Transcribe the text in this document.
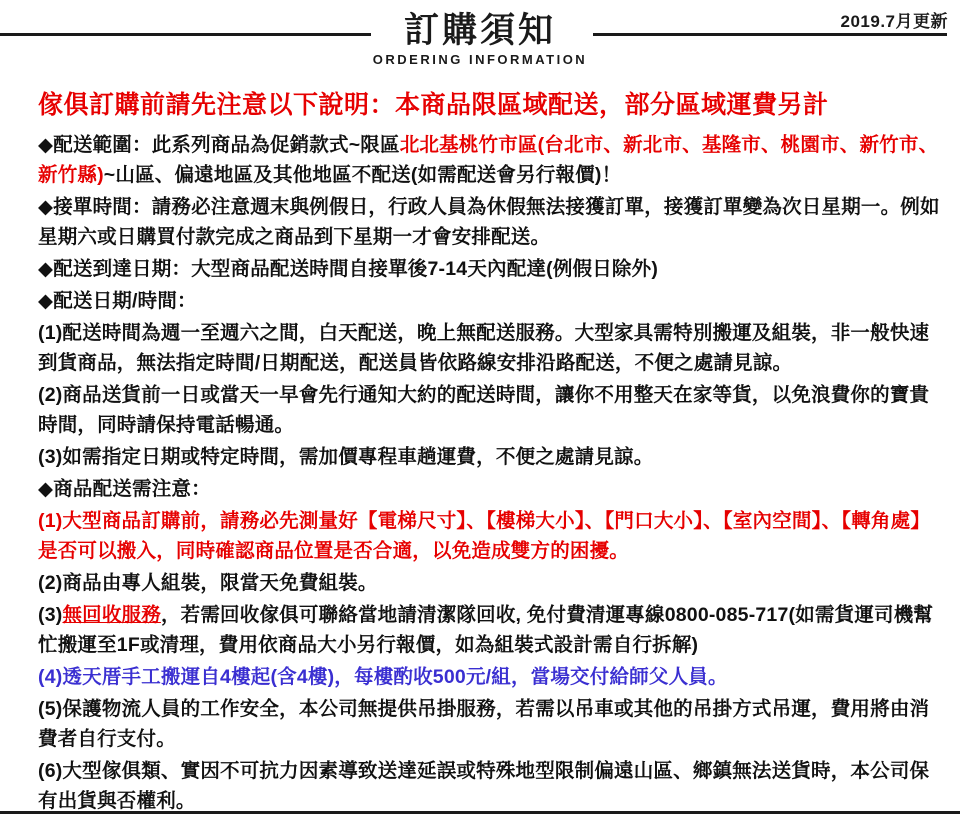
訂購須知
ORDERING INFORMATION
2019.7月更新
傢俱訂購前請先注意以下說明：本商品限區域配送，部分區域運費另計

◆配送範圍：此系列商品為促銷款式~限區北北基桃竹市區(台北市、新北市、基隆市、桃園市、新竹市、新竹縣)~山區、偏遠地區及其他地區不配送(如需配送會另行報價)！

◆接單時間：請務必注意週末與例假日，行政人員為休假無法接獲訂單，接獲訂單變為次日星期一。例如星期六或日購買付款完成之商品到下星期一才會安排配送。

◆配送到達日期：大型商品配送時間自接單後7-14天內配達(例假日除外)

◆配送日期/時間：

(1)配送時間為週一至週六之間，白天配送，晚上無配送服務。大型家具需特別搬運及組裝，非一般快速到貨商品，無法指定時間/日期配送，配送員皆依路線安排沿路配送，不便之處請見諒。

(2)商品送貨前一日或當天一早會先行通知大約的配送時間，讓你不用整天在家等貨，以免浪費你的寶貴時間，同時請保持電話暢通。

(3)如需指定日期或特定時間，需加價專程車趟運費，不便之處請見諒。

◆商品配送需注意：

(1)大型商品訂購前，請務必先測量好【電梯尺寸】、【樓梯大小】、【門口大小】、【室內空間】、【轉角處】是否可以搬入，同時確認商品位置是否合適，以免造成雙方的困擾。

(2)商品由專人組裝，限當天免費組裝。

(3)無回收服務，若需回收傢俱可聯絡當地請清潔隊回收, 免付費清運專線0800-085-717(如需貨運司機幫忙搬運至1F或清理，費用依商品大小另行報價，如為組裝式設計需自行拆解)

(4)透天厝手工搬運自4樓起(含4樓)，每樓酌收500元/組，當場交付給師父人員。

(5)保護物流人員的工作安全，本公司無提供吊掛服務，若需以吊車或其他的吊掛方式吊運，費用將由消費者自行支付。

(6)大型傢俱類、實因不可抗力因素導致送達延誤或特殊地型限制偏遠山區、鄉鎮無法送貨時，本公司保有出貨與否權利。
